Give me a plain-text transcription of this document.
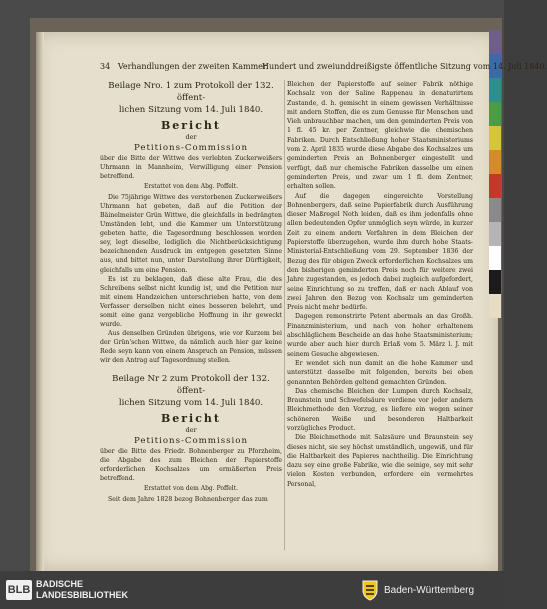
34 Verhandlungen der zweiten Kammer.
Hundert und zweiunddreißigste öffentliche Sitzung vom 14. Juli 1840.

Beilage Nro. 1 zum Protokoll der 132. öffent-

lichen Sitzung vom 14. Juli 1840.

Bericht

der

Petitions-Commission

über die Bitte der Wittwe des verlebten Zuckerweißers Uhrmann in Mannheim, Verwilligung einer Pension betreffend.

Erstattet von dem Abg. Poffelt.

Die 75jährige Wittwe des verstorbenen Zuckerweißers Uhrmann hat gebeten, daß auf die Petition der Bäinelmeister Grün Wittwe, die gleichfalls in bedrängten Umständen lebt, und die Kammer um Unterstützung gebeten hatte, die Tagesordnung beschlossen worden sey, legt dieselbe, lediglich die Nichtberücksichtigung bezeichnenden Ausdruck im entgegen gesetzten Sinne aus, und bittet nun, unter Darstellung ihrer Dürftigkeit, gleichfalls um eine Pension.

Es ist zu beklagen, daß diese alte Frau, die des Schreibens selbst nicht kundig ist, und die Petition nur mit einem Handzeichen unterschrieben hatte, von dem Verfasser derselben nicht eines besseren belehrt, und somit eine ganz vergebliche Hoffnung in ihr geweckt wurde.

Aus denselben Gründen übrigens, wie vor Kurzem bei der Grün'schen Wittwe, da nämlich auch hier gar keine Rede seyn kann von einem Anspruch an Pension, müssen wir den Antrag auf Tagesordnung stellen.

Beilage Nr 2 zum Protokoll der 132. öffent-

lichen Sitzung vom 14. Juli 1840.

Bericht

der

Petitions-Commission

über die Bitte des Friedr. Bohnenberger zu Pforzheim, die Abgabe des zum Bleichen der Papierstoffe erforderlichen Kochsalzes um ermäßerten Preis betreffend.

Erstattet von dem Abg. Poffelt.

Seit dem Jahre 1828 bezog Bohnenberger das zum

Bleichen der Papierstoffe auf seiner Fabrik nöthige Kochsalz von der Saline Rappenau in denaturirtem Zustande, d. h. gemischt in einem gewissen Verhältnisse mit andern Stoffen, die es zum Genusse für Menschen und Vieh unbrauchbar machen, um den geminderten Preis von 1 fl. 45 kr. per Zentner, gleichwie die chemischen Fabriken. Durch Entschließung hoher Staatsministeriums vom 2. April 1835 wurde diese Abgabe des Kochsalzes um geminderten Preis an Bohnenberger eingestellt und verfügt, daß nur chemische Fabriken dasselbe um einen geminderten Preis, und zwar um 1 fl. dem Zentner, erhalten sollen.

Auf die dagegen eingereichte Vorstellung Bohnenbergers, daß seine Papierfabrik durch Ausführung dieser Maßregel Noth leiden, daß es ihm jedenfalls ohne allen bedeutenden Opfer unmöglich seyn würde, in kurzer Zeit zu einem andern Verfahren in dem Bleichen der Papierstoffe überzugehen, wurde ihm durch hohe Staats-Ministerial-Entschließung vom 29. September 1836 der Bezug des für obigen Zweck erforderlichen Kochsalzes um den bisherigen geminderten Preis noch für weitere zwei Jahre zugestanden, es jedoch dabei zugleich aufgefordert, seine Einrichtung so zu treffen, daß er nach Ablauf von zwei Jahren den Bezug von Kochsalz um geminderten Preis nicht mehr bedürfe.

Dagegen remonstrirte Petent abermals an das Großh. Finanzministerium, und nach von hoher erhaltenem abschläglichem Bescheide an das hohe Staatsministerium; wurde aber auch hier durch Erlaß vom 5. März l. J. mit seinem Gesuche abgewiesen.

Er wendet sich nun damit an die hohe Kammer und unterstützt dasselbe mit folgenden, bereits bei oben genannten Behörden geltend gemachten Gründen.

Das chemische Bleichen der Lumpen durch Kochsalz, Braunstein und Schwefelsäure verdiene vor jeder andern Bleichmethode den Vorzug, es liefere ein wegen seiner schöneren Weiße und besonderen Haltbarkeit vorzügliches Product.

Die Bleichmethode mit Salzsäure und Braunstein sey dieses nicht, sie sey höchst umständlich, ungewiß, und für die Haltbarkeit des Papieres nachtheilig. Die Einrichtung dazu sey eine große Fabrike, wie die seinige, sey mit sehr vielen Kosten verbunden, erfordere ein vermehrtes Personal,

BLB BADISCHE
LANDESBIBLIOTHEK	Baden-Württemberg
